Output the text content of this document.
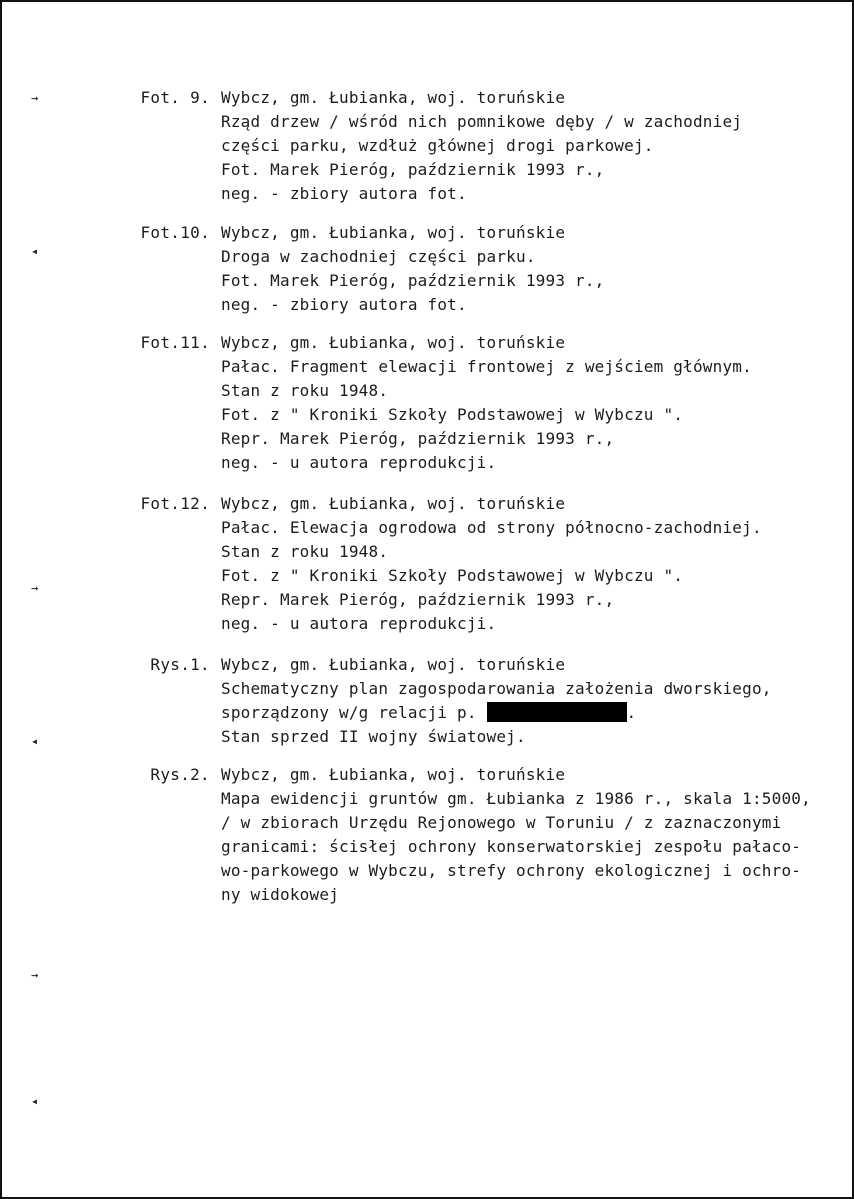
→
◂
→
◂
→
◂
Fot. 9. Wybcz, gm. Łubianka, woj. toruńskie
Rząd drzew / wśród nich pomnikowe dęby / w zachodniej
części parku, wzdłuż głównej drogi parkowej.
Fot. Marek Pieróg, październik 1993 r.,
neg. - zbiory autora fot.
Fot.10. Wybcz, gm. Łubianka, woj. toruńskie
Droga w zachodniej części parku.
Fot. Marek Pieróg, październik 1993 r.,
neg. - zbiory autora fot.
Fot.11. Wybcz, gm. Łubianka, woj. toruńskie
Pałac. Fragment elewacji frontowej z wejściem głównym.
Stan z roku 1948.
Fot. z " Kroniki Szkoły Podstawowej w Wybczu ".
Repr. Marek Pieróg, październik 1993 r.,
neg. - u autora reprodukcji.
Fot.12. Wybcz, gm. Łubianka, woj. toruńskie
Pałac. Elewacja ogrodowa od strony północno-zachodniej.
Stan z roku 1948.
Fot. z " Kroniki Szkoły Podstawowej w Wybczu ".
Repr. Marek Pieróg, październik 1993 r.,
neg. - u autora reprodukcji.
Rys.1. Wybcz, gm. Łubianka, woj. toruńskie
Schematyczny plan zagospodarowania założenia dworskiego,
sporządzony w/g relacji p.	.
Stan sprzed II wojny światowej.
Rys.2. Wybcz, gm. Łubianka, woj. toruńskie
Mapa ewidencji gruntów gm. Łubianka z 1986 r., skala 1:5000,
/ w zbiorach Urzędu Rejonowego w Toruniu / z zaznaczonymi
granicami: ścisłej ochrony konserwatorskiej zespołu pałaco-
wo-parkowego w Wybczu, strefy ochrony ekologicznej i ochro-
ny widokowej
